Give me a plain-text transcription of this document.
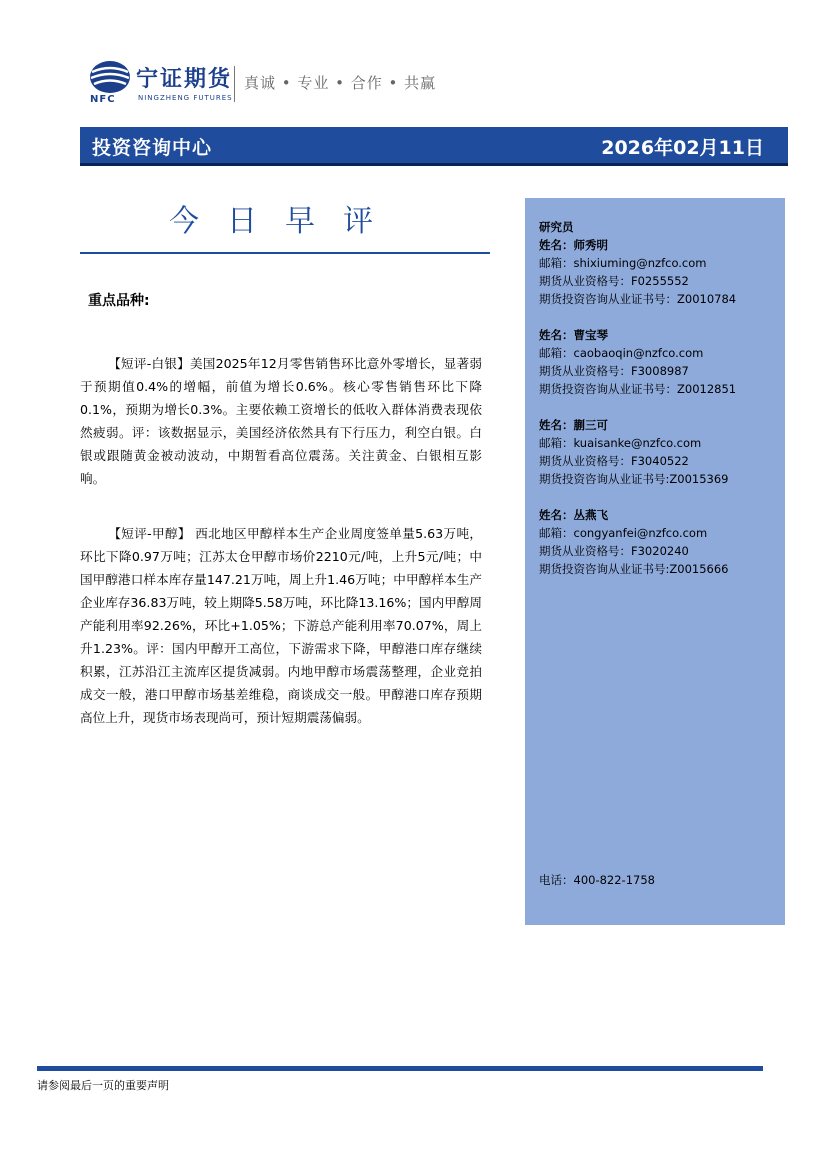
宁证期货
NFC	NINGZHENG FUTURES
真诚 • 专业 • 合作 • 共赢
投资咨询中心	2026年02月11日
今日早评
重点品种:
【短评-白银】美国2025年12月零售销售环比意外零增长，显著弱于预期值0.4%的增幅，前值为增长0.6%。核心零售销售环比下降0.1%，预期为增长0.3%。主要依赖工资增长的低收入群体消费表现依然疲弱。评：该数据显示，美国经济依然具有下行压力，利空白银。白银或跟随黄金被动波动，中期暂看高位震荡。关注黄金、白银相互影响。
【短评-甲醇】 西北地区甲醇样本生产企业周度签单量5.63万吨，环比下降0.97万吨；江苏太仓甲醇市场价2210元/吨，上升5元/吨；中国甲醇港口样本库存量147.21万吨，周上升1.46万吨；中甲醇样本生产企业库存36.83万吨，较上期降5.58万吨，环比降13.16%；国内甲醇周产能利用率92.26%，环比+1.05%；下游总产能利用率70.07%，周上升1.23%。评：国内甲醇开工高位，下游需求下降，甲醇港口库存继续积累，江苏沿江主流库区提货减弱。内地甲醇市场震荡整理，企业竞拍成交一般，港口甲醇市场基差维稳，商谈成交一般。甲醇港口库存预期高位上升，现货市场表现尚可，预计短期震荡偏弱。
研究员
姓名：师秀明
邮箱：shixiuming@nzfco.com
期货从业资格号：F0255552
期货投资咨询从业证书号：Z0010784
姓名：曹宝琴
邮箱：caobaoqin@nzfco.com
期货从业资格号：F3008987
期货投资咨询从业证书号：Z0012851
姓名：蒯三可
邮箱：kuaisanke@nzfco.com
期货从业资格号：F3040522
期货投资咨询从业证书号:Z0015369
姓名：丛燕飞
邮箱：congyanfei@nzfco.com
期货从业资格号：F3020240
期货投资咨询从业证书号:Z0015666
电话：400-822-1758
请参阅最后一页的重要声明
